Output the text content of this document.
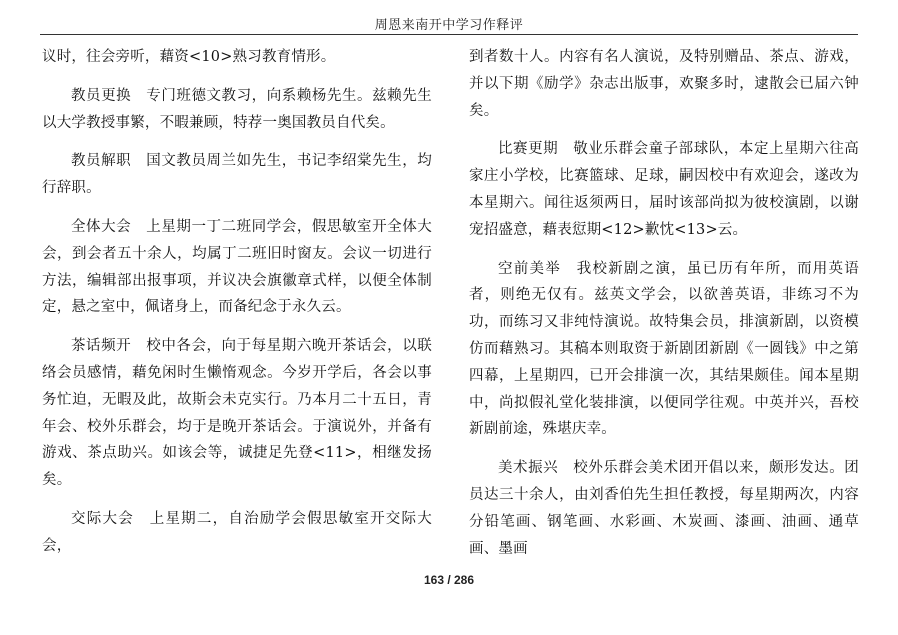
周恩来南开中学习作释评

议时，往会旁听，藉资<10>熟习教育情形。

教员更换　专门班德文教习，向系赖杨先生。兹赖先生以大学教授事繁，不暇兼顾，特荐一奥国教员自代矣。

教员解职　国文教员周兰如先生，书记李绍棠先生，均行辞职。

全体大会　上星期一丁二班同学会，假思敏室开全体大会，到会者五十余人，均属丁二班旧时窗友。会议一切进行方法，编辑部出报事项，并议决会旗徽章式样，以便全体制定，悬之室中，佩诸身上，而备纪念于永久云。

茶话频开　校中各会，向于每星期六晚开茶话会，以联络会员感情，藉免闲时生懒惰观念。今岁开学后，各会以事务忙迫，无暇及此，故斯会未克实行。乃本月二十五日，青年会、校外乐群会，均于是晚开茶话会。于演说外，并备有游戏、茶点助兴。如该会等，诚捷足先登<11>，相继发扬矣。

交际大会　上星期二，自治励学会假思敏室开交际大会，

到者数十人。内容有名人演说，及特别赠品、茶点、游戏，并以下期《励学》杂志出版事，欢聚多时，逮散会已届六钟矣。

比赛更期　敬业乐群会童子部球队，本定上星期六往高家庄小学校，比赛篮球、足球，嗣因校中有欢迎会，遂改为本星期六。闻往返须两日，届时该部尚拟为彼校演剧，以谢宠招盛意，藉表愆期<12>歉忱<13>云。

空前美举　我校新剧之演，虽已历有年所，而用英语者，则绝无仅有。兹英文学会，以欲善英语，非练习不为功，而练习又非纯恃演说。故特集会员，排演新剧，以资模仿而藉熟习。其稿本则取资于新剧团新剧《一圆钱》中之第四幕，上星期四，已开会排演一次，其结果颇佳。闻本星期中，尚拟假礼堂化装排演，以便同学往观。中英并兴，吾校新剧前途，殊堪庆幸。

美术振兴　校外乐群会美术团开倡以来，颇形发达。团员达三十余人，由刘香伯先生担任教授，每星期两次，内容分铅笔画、钢笔画、水彩画、木炭画、漆画、油画、通草画、墨画

163 / 286
